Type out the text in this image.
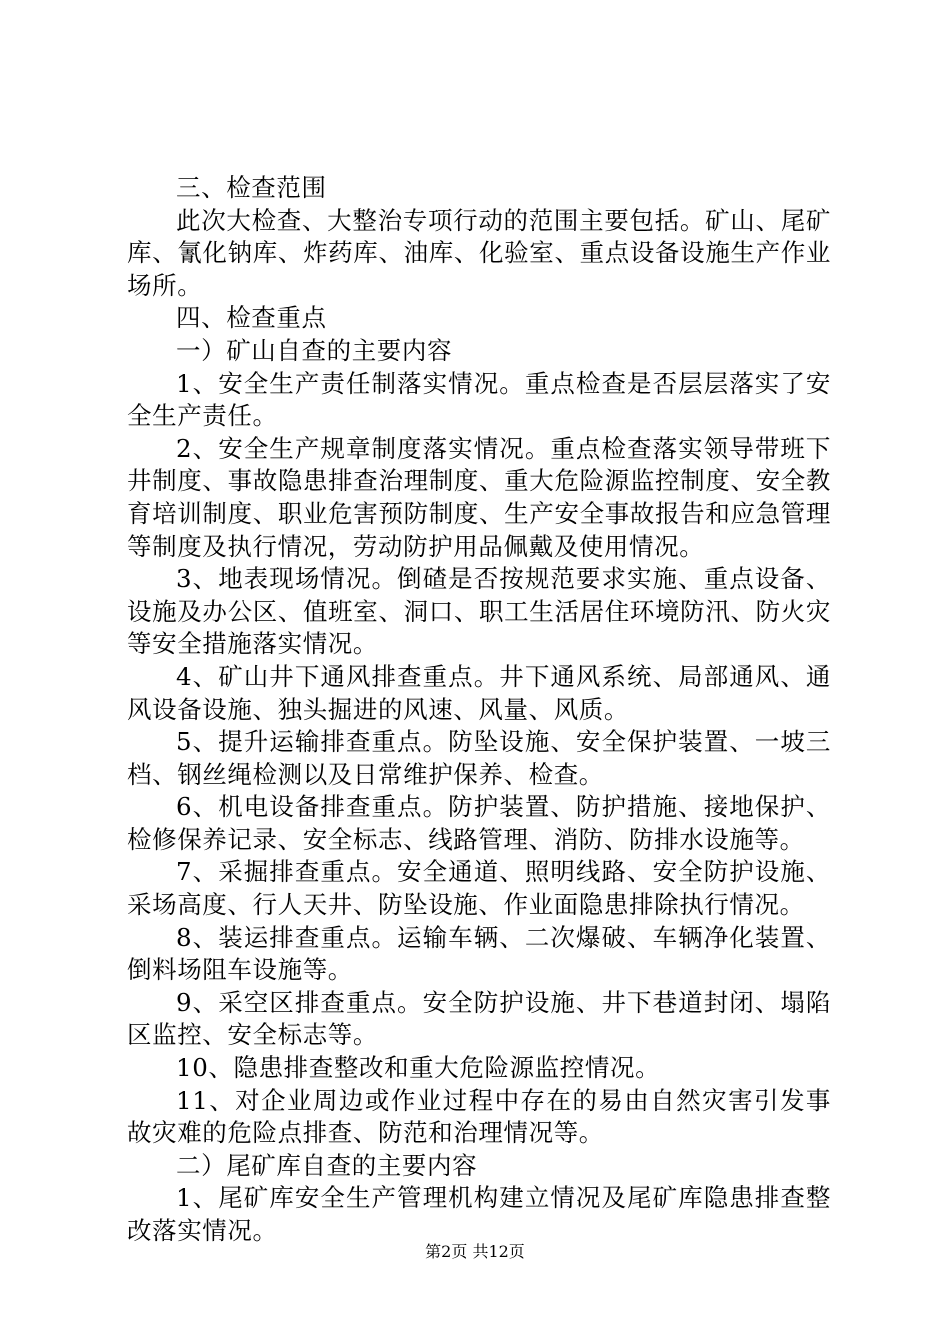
三、检查范围

此次大检查、大整治专项行动的范围主要包括。矿山、尾矿库、氰化钠库、炸药库、油库、化验室、重点设备设施生产作业场所。

四、检查重点

一）矿山自查的主要内容

1、安全生产责任制落实情况。重点检查是否层层落实了安全生产责任。

2、安全生产规章制度落实情况。重点检查落实领导带班下井制度、事故隐患排查治理制度、重大危险源监控制度、安全教育培训制度、职业危害预防制度、生产安全事故报告和应急管理等制度及执行情况，劳动防护用品佩戴及使用情况。

3、地表现场情况。倒碴是否按规范要求实施、重点设备、设施及办公区、值班室、洞口、职工生活居住环境防汛、防火灾等安全措施落实情况。

4、矿山井下通风排查重点。井下通风系统、局部通风、通风设备设施、独头掘进的风速、风量、风质。

5、提升运输排查重点。防坠设施、安全保护装置、一坡三档、钢丝绳检测以及日常维护保养、检查。

6、机电设备排查重点。防护装置、防护措施、接地保护、检修保养记录、安全标志、线路管理、消防、防排水设施等。

7、采掘排查重点。安全通道、照明线路、安全防护设施、采场高度、行人天井、防坠设施、作业面隐患排除执行情况。

8、装运排查重点。运输车辆、二次爆破、车辆净化装置、倒料场阻车设施等。

9、采空区排查重点。安全防护设施、井下巷道封闭、塌陷区监控、安全标志等。

10、隐患排查整改和重大危险源监控情况。

11、对企业周边或作业过程中存在的易由自然灾害引发事故灾难的危险点排查、防范和治理情况等。

二）尾矿库自查的主要内容

1、尾矿库安全生产管理机构建立情况及尾矿库隐患排查整改落实情况。

第2页 共12页
